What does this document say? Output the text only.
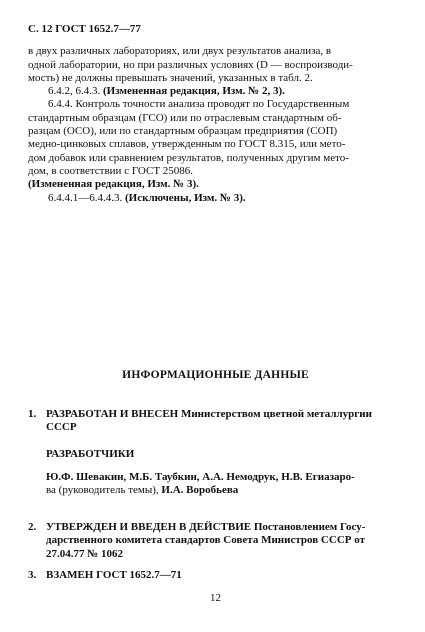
С. 12 ГОСТ 1652.7—77

в двух различных лабораториях, или двух результатов анализа, в

одной лаборатории, но при различных условиях (D — воспроизводи-

мость) не должны превышать значений, указанных в табл. 2.

6.4.2, 6.4.3. (Измененная редакция, Изм. № 2, 3).

6.4.4. Контроль точности анализа проводят по Государственным

стандартным образцам (ГСО) или по отраслевым стандартным об-

разцам (ОСО), или по стандартным образцам предприятия (СОП)

медно-цинковых сплавов, утвержденным по ГОСТ 8.315, или мето-

дом добавок или сравнением результатов, полученных другим мето-

дом, в соответствии с ГОСТ 25086.

(Измененная редакция, Изм. № 3).

6.4.4.1—6.4.4.3. (Исключены, Изм. № 3).

ИНФОРМАЦИОННЫЕ ДАННЫЕ
1. РАЗРАБОТАН И ВНЕСЕН Министерством цветной металлургии
СССР
РАЗРАБОТЧИКИ
Ю.Ф. Шевакин, М.Б. Таубкин, А.А. Немодрук, Н.В. Егиазаро-
ва (руководитель темы), И.А. Воробьева
2. УТВЕРЖДЕН И ВВЕДЕН В ДЕЙСТВИЕ Постановлением Госу-
дарственного комитета стандартов Совета Министров СССР от
27.04.77 № 1062
3. ВЗАМЕН ГОСТ 1652.7—71
12
